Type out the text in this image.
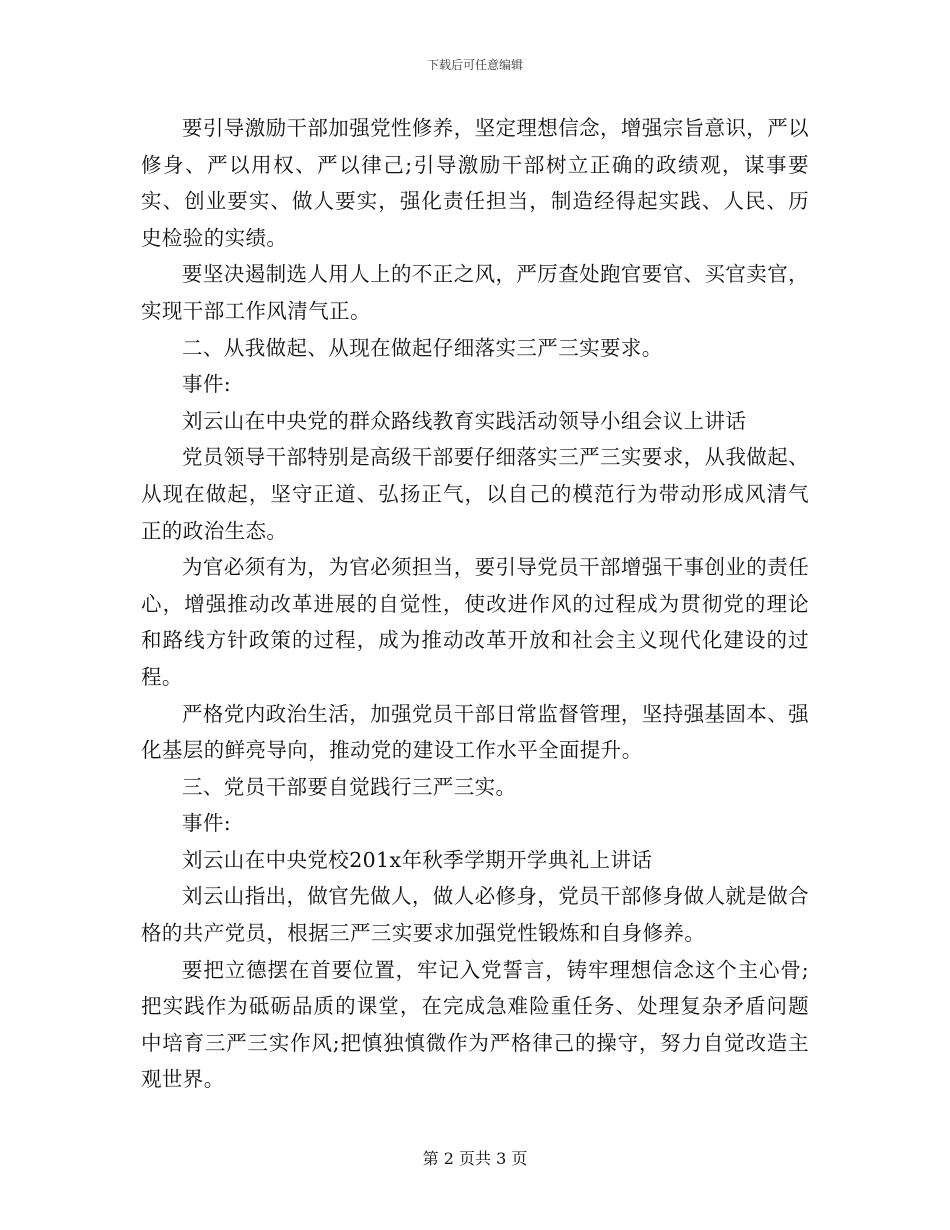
下载后可任意编辑

要引导激励干部加强党性修养，坚定理想信念，增强宗旨意识，严以修身、严以用权、严以律己;引导激励干部树立正确的政绩观，谋事要实、创业要实、做人要实，强化责任担当，制造经得起实践、人民、历史检验的实绩。

要坚决遏制选人用人上的不正之风，严厉查处跑官要官、买官卖官，实现干部工作风清气正。

二、从我做起、从现在做起仔细落实三严三实要求。

事件:

刘云山在中央党的群众路线教育实践活动领导小组会议上讲话

党员领导干部特别是高级干部要仔细落实三严三实要求，从我做起、从现在做起，坚守正道、弘扬正气，以自己的模范行为带动形成风清气正的政治生态。

为官必须有为，为官必须担当，要引导党员干部增强干事创业的责任心，增强推动改革进展的自觉性，使改进作风的过程成为贯彻党的理论和路线方针政策的过程，成为推动改革开放和社会主义现代化建设的过程。

严格党内政治生活，加强党员干部日常监督管理，坚持强基固本、强化基层的鲜亮导向，推动党的建设工作水平全面提升。

三、党员干部要自觉践行三严三实。

事件:

刘云山在中央党校201x年秋季学期开学典礼上讲话

刘云山指出，做官先做人，做人必修身，党员干部修身做人就是做合格的共产党员，根据三严三实要求加强党性锻炼和自身修养。

要把立德摆在首要位置，牢记入党誓言，铸牢理想信念这个主心骨;把实践作为砥砺品质的课堂，在完成急难险重任务、处理复杂矛盾问题中培育三严三实作风;把慎独慎微作为严格律己的操守，努力自觉改造主观世界。

第 2 页共 3 页
